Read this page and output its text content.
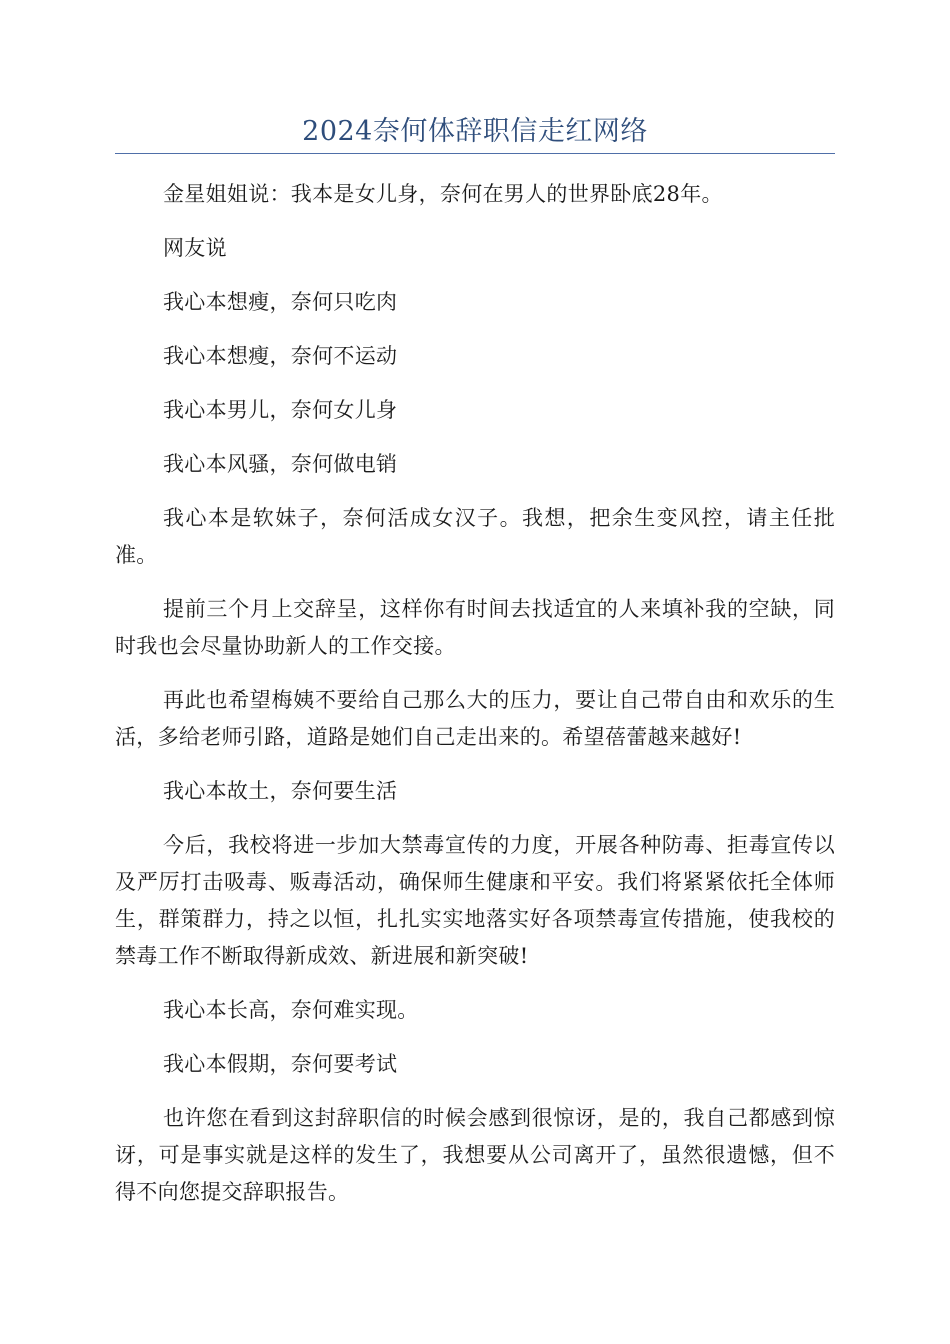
2024奈何体辞职信走红网络

金星姐姐说：我本是女儿身，奈何在男人的世界卧底28年。

网友说

我心本想瘦，奈何只吃肉

我心本想瘦，奈何不运动

我心本男儿，奈何女儿身

我心本风骚，奈何做电销

我心本是软妹子，奈何活成女汉子。我想，把余生变风控，请主任批准。

提前三个月上交辞呈，这样你有时间去找适宜的人来填补我的空缺，同时我也会尽量协助新人的工作交接。

再此也希望梅姨不要给自己那么大的压力，要让自己带自由和欢乐的生活，多给老师引路，道路是她们自己走出来的。希望蓓蕾越来越好!

我心本故土，奈何要生活

今后，我校将进一步加大禁毒宣传的力度，开展各种防毒、拒毒宣传以及严厉打击吸毒、贩毒活动，确保师生健康和平安。我们将紧紧依托全体师生，群策群力，持之以恒，扎扎实实地落实好各项禁毒宣传措施，使我校的禁毒工作不断取得新成效、新进展和新突破!

我心本长高，奈何难实现。

我心本假期，奈何要考试

也许您在看到这封辞职信的时候会感到很惊讶，是的，我自己都感到惊讶，可是事实就是这样的发生了，我想要从公司离开了，虽然很遗憾，但不得不向您提交辞职报告。
